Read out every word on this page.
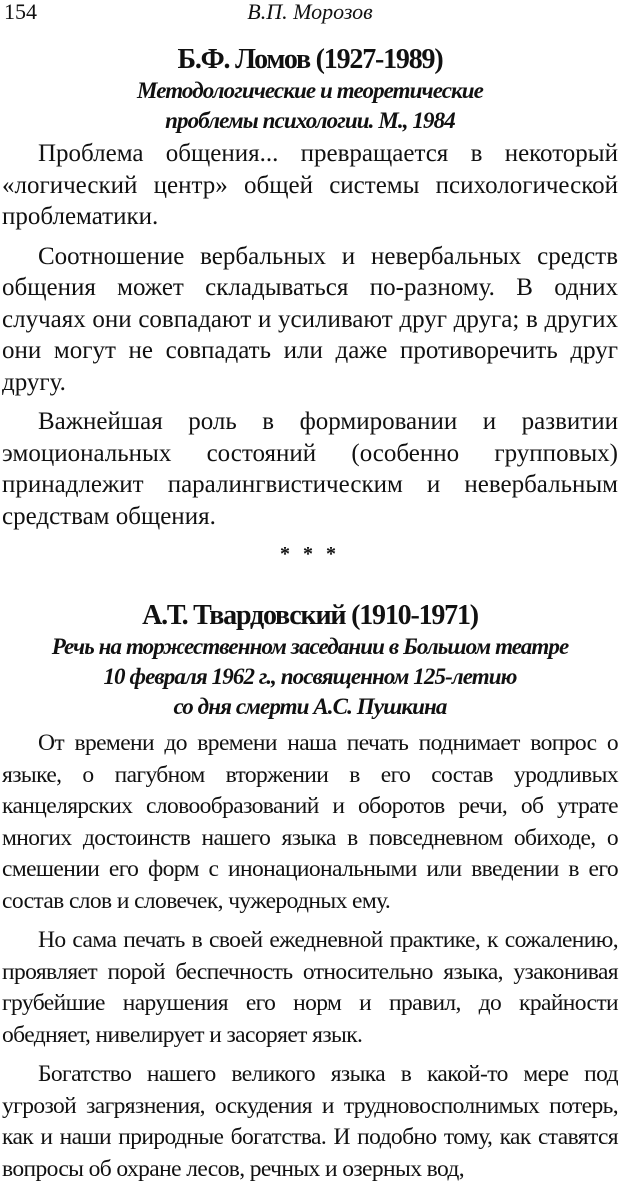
154	В.П. Морозов
Б.Ф. Ломов (1927-1989)

Методологические и теоретические

проблемы психологии. М., 1984

Проблема общения... превращается в некоторый «логический центр» общей системы психологической проблематики.

Соотношение вербальных и невербальных средств общения может складываться по-разному. В одних случаях они совпадают и усиливают друг друга; в других они могут не совпадать или даже противоречить друг другу.

Важнейшая роль в формировании и развитии эмоциональных состояний (особенно групповых) принадлежит паралингвистическим и невербальным средствам общения.

* * *
А.Т. Твардовский (1910-1971)

Речь на торжественном заседании в Большом театре

10 февраля 1962 г., посвященном 125-летию

со дня смерти А.С. Пушкина

От времени до времени наша печать поднимает вопрос о языке, о пагубном вторжении в его состав уродливых канцелярских словообразований и оборотов речи, об утрате многих достоинств нашего языка в повседневном обиходе, о смешении его форм с инонациональными или введении в его состав слов и словечек, чужеродных ему.

Но сама печать в своей ежедневной практике, к сожалению, проявляет порой беспечность относительно языка, узаконивая грубейшие нарушения его норм и правил, до крайности обедняет, нивелирует и засоряет язык.

Богатство нашего великого языка в какой-то мере под угрозой загрязнения, оскудения и трудновосполнимых потерь, как и наши природные богатства. И подобно тому, как ставятся вопросы об охране лесов, речных и озерных вод,
